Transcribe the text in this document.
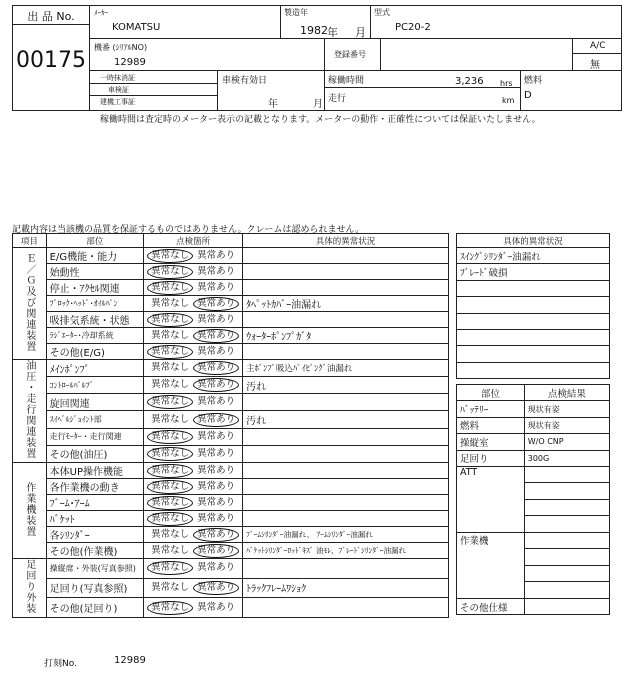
出 品 No.
00175
ﾒｰｶｰ
KOMATSU
製造年
1982 年 月
型式
PC20-2
機番 (ｼﾘｱﾙNO)
12989
登録番号
A/C
無
一時抹消証
車検証
建機工事証
車検有効日
年	月
稼働時間	3,236 hrs
走行	km
燃料
D
稼働時間は査定時のメーター表示の記載となります。メーターの動作・正確性については保証いたしません。
記載内容は当該機の品質を保証するものではありません。クレームは認められません。
項目	部位	点検箇所	具体的異常状況
Ｅ／Ｇ及び関連装置	E/G機能・能力	異常なし 異常あり	
	始動性	異常なし 異常あり	
	停止・ｱｸｾﾙ関連	異常なし 異常あり	
	ﾌﾞﾛｯｸ･ﾍｯﾄﾞ･ｵｲﾙﾊﾟﾝ	異常なし 異常あり	ﾀﾍﾟｯﾄｶﾊﾞｰ油漏れ
	吸排気系統・状態	異常なし 異常あり	
	ﾗｼﾞｴｰﾀｰ･冷却系統	異常なし 異常あり	ｳｫｰﾀｰﾎﾟﾝﾌﾟｶﾞﾀ
	その他(E/G)	異常なし 異常あり	
油圧・走行関連装置	ﾒｲﾝﾎﾟﾝﾌﾟ	異常なし 異常あり	主ﾎﾟﾝﾌﾟ吸込ﾊﾟｲﾋﾟﾝｸﾞ油漏れ
	ｺﾝﾄﾛｰﾙﾊﾞﾙﾌﾞ	異常なし 異常あり	汚れ
	旋回関連	異常なし 異常あり	
	ｽｲﾍﾞﾙｼﾞｮｲﾝﾄ部	異常なし 異常あり	汚れ
	走行ﾓｰﾀｰ・走行関連	異常なし 異常あり	
	その他(油圧)	異常なし 異常あり	
作業機装置	本体UP操作機能	異常なし 異常あり	
	各作業機の動き	異常なし 異常あり	
	ﾌﾞｰﾑ･ｱｰﾑ	異常なし 異常あり	
	ﾊﾞｹｯﾄ	異常なし 異常あり	
	各ｼﾘﾝﾀﾞｰ	異常なし 異常あり	ﾌﾞｰﾑｼﾘﾝﾀﾞｰ油漏れ、 ｱｰﾑｼﾘﾝﾀﾞｰ油漏れ
	その他(作業機)	異常なし 異常あり	ﾊﾞｹｯﾄｼﾘﾝﾀﾞｰﾛｯﾄﾞｷｽﾞ 油ﾓﾚ、ﾌﾞﾚｰﾄﾞｼﾘﾝﾀﾞｰ油漏れ
足回り外装	操縦席・外装(写真参照)	異常なし 異常あり	
	足回り(写真参照)	異常なし 異常あり	ﾄﾗｯｸﾌﾚｰﾑﾜｼｮｸ
	その他(足回り)	異常なし 異常あり	
具体的異常状況
ｽｲﾝｸﾞｼﾘﾝﾀﾞｰ油漏れ
ﾌﾞﾚｰﾄﾞ破損

部位	点検結果
ﾊﾞｯﾃﾘｰ	現状有姿
燃料	現状有姿
操縦室	W/O CNP
足回り	300G
ATT	

作業機	

その他仕様	
打刻No.	12989
